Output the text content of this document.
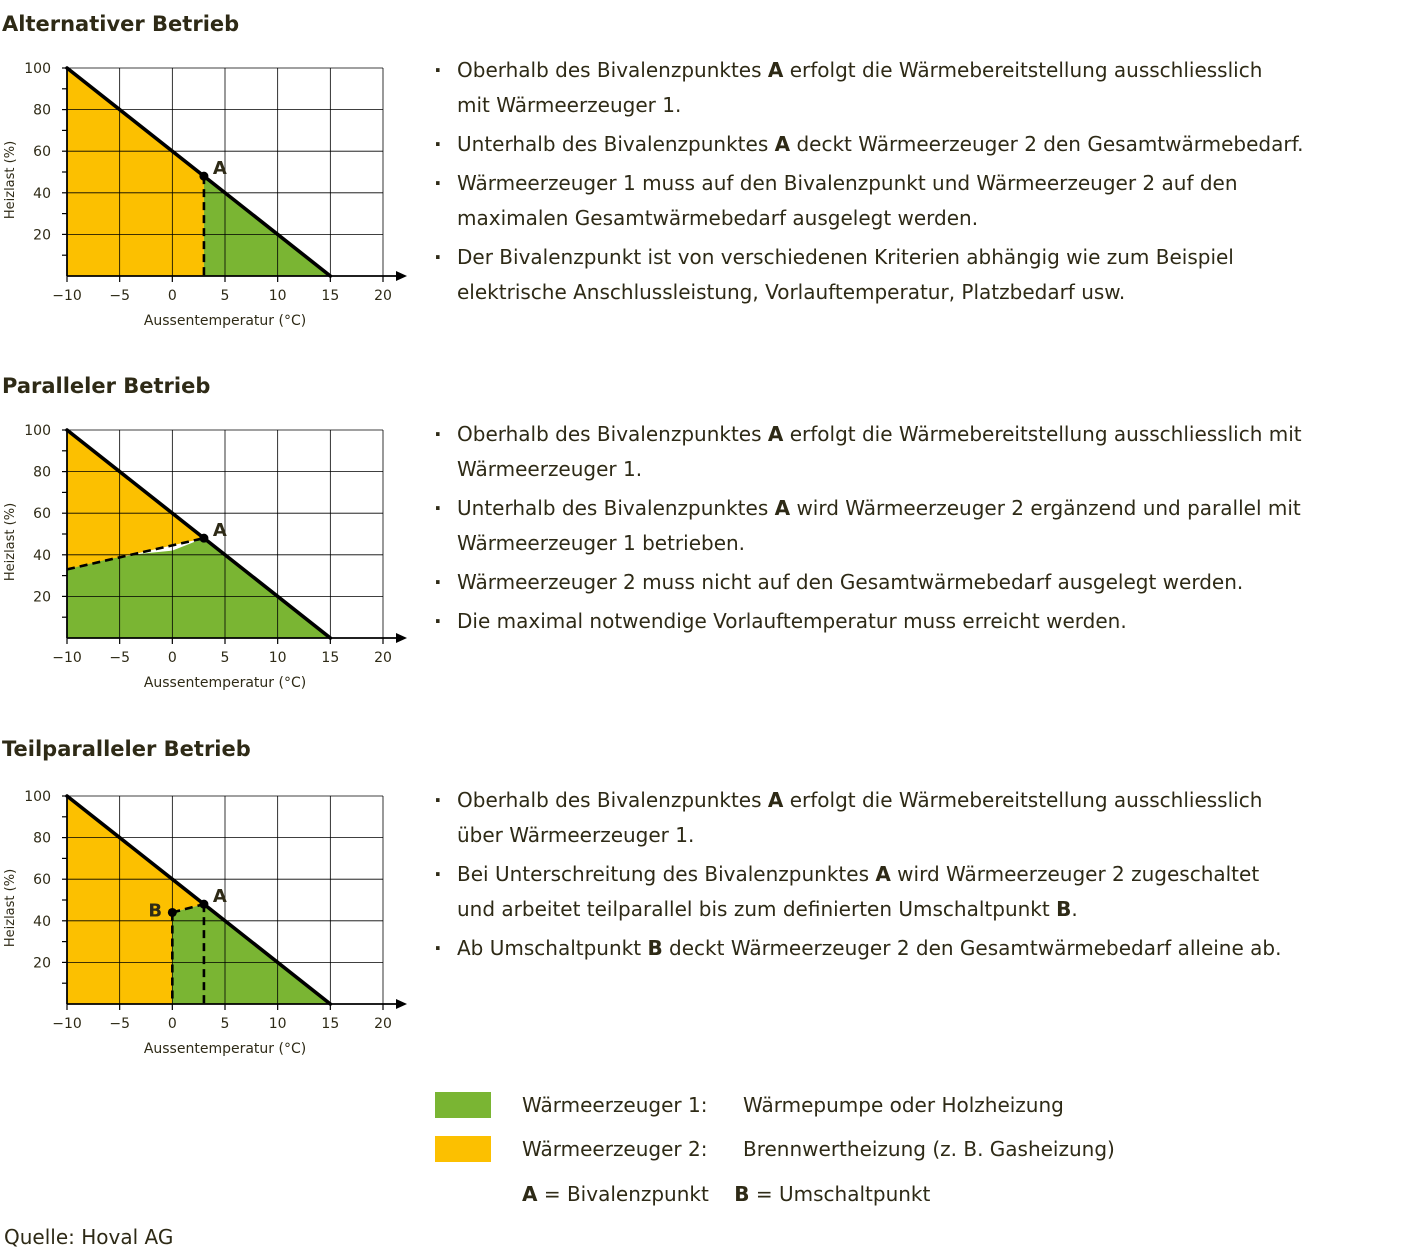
Alternativer Betrieb
−10 −5	0	5	10 15 20
20
40
60
80
100
Aussentemperatur (°C)
Heizlast (%)	A
· Oberhalb des Bivalenzpunktes A erfolgt die Wärmebereitstellung ausschliesslich
mit Wärmeerzeuger 1.
· Unterhalb des Bivalenzpunktes A deckt Wärmeerzeuger 2 den Gesamtwärmebedarf.
· Wärmeerzeuger 1 muss auf den Bivalenzpunkt und Wärmeerzeuger 2 auf den
maximalen Gesamtwärmebedarf ausgelegt werden.
· Der Bivalenzpunkt ist von verschiedenen Kriterien abhängig wie zum Beispiel
elektrische Anschlussleistung, Vorlauftemperatur, Platzbedarf usw.
Paralleler Betrieb
−10 −5	0	5	10 15 20
20
40
60
80
100
Aussentemperatur (°C)
Heizlast (%)	A
· Oberhalb des Bivalenzpunktes A erfolgt die Wärmebereitstellung ausschliesslich mit
Wärmeerzeuger 1.
· Unterhalb des Bivalenzpunktes A wird Wärmeerzeuger 2 ergänzend und parallel mit
Wärmeerzeuger 1 betrieben.
· Wärmeerzeuger 2 muss nicht auf den Gesamtwärmebedarf ausgelegt werden.
· Die maximal notwendige Vorlauftemperatur muss erreicht werden.
Teilparalleler Betrieb
−10 −5	0	5	10 15 20
20
40
60
80
100
Aussentemperatur (°C)
Heizlast (%)	A
B
· Oberhalb des Bivalenzpunktes A erfolgt die Wärmebereitstellung ausschliesslich
über Wärmeerzeuger 1.
· Bei Unterschreitung des Bivalenzpunktes A wird Wärmeerzeuger 2 zugeschaltet
und arbeitet teilparallel bis zum definierten Umschaltpunkt B.
· Ab Umschaltpunkt B deckt Wärmeerzeuger 2 den Gesamtwärmebedarf alleine ab.
Wärmeerzeuger 1: Wärmepumpe oder Holzheizung
Wärmeerzeuger 2: Brennwertheizung (z. B. Gasheizung)
A = Bivalenzpunkt B = Umschaltpunkt
Quelle: Hoval AG
